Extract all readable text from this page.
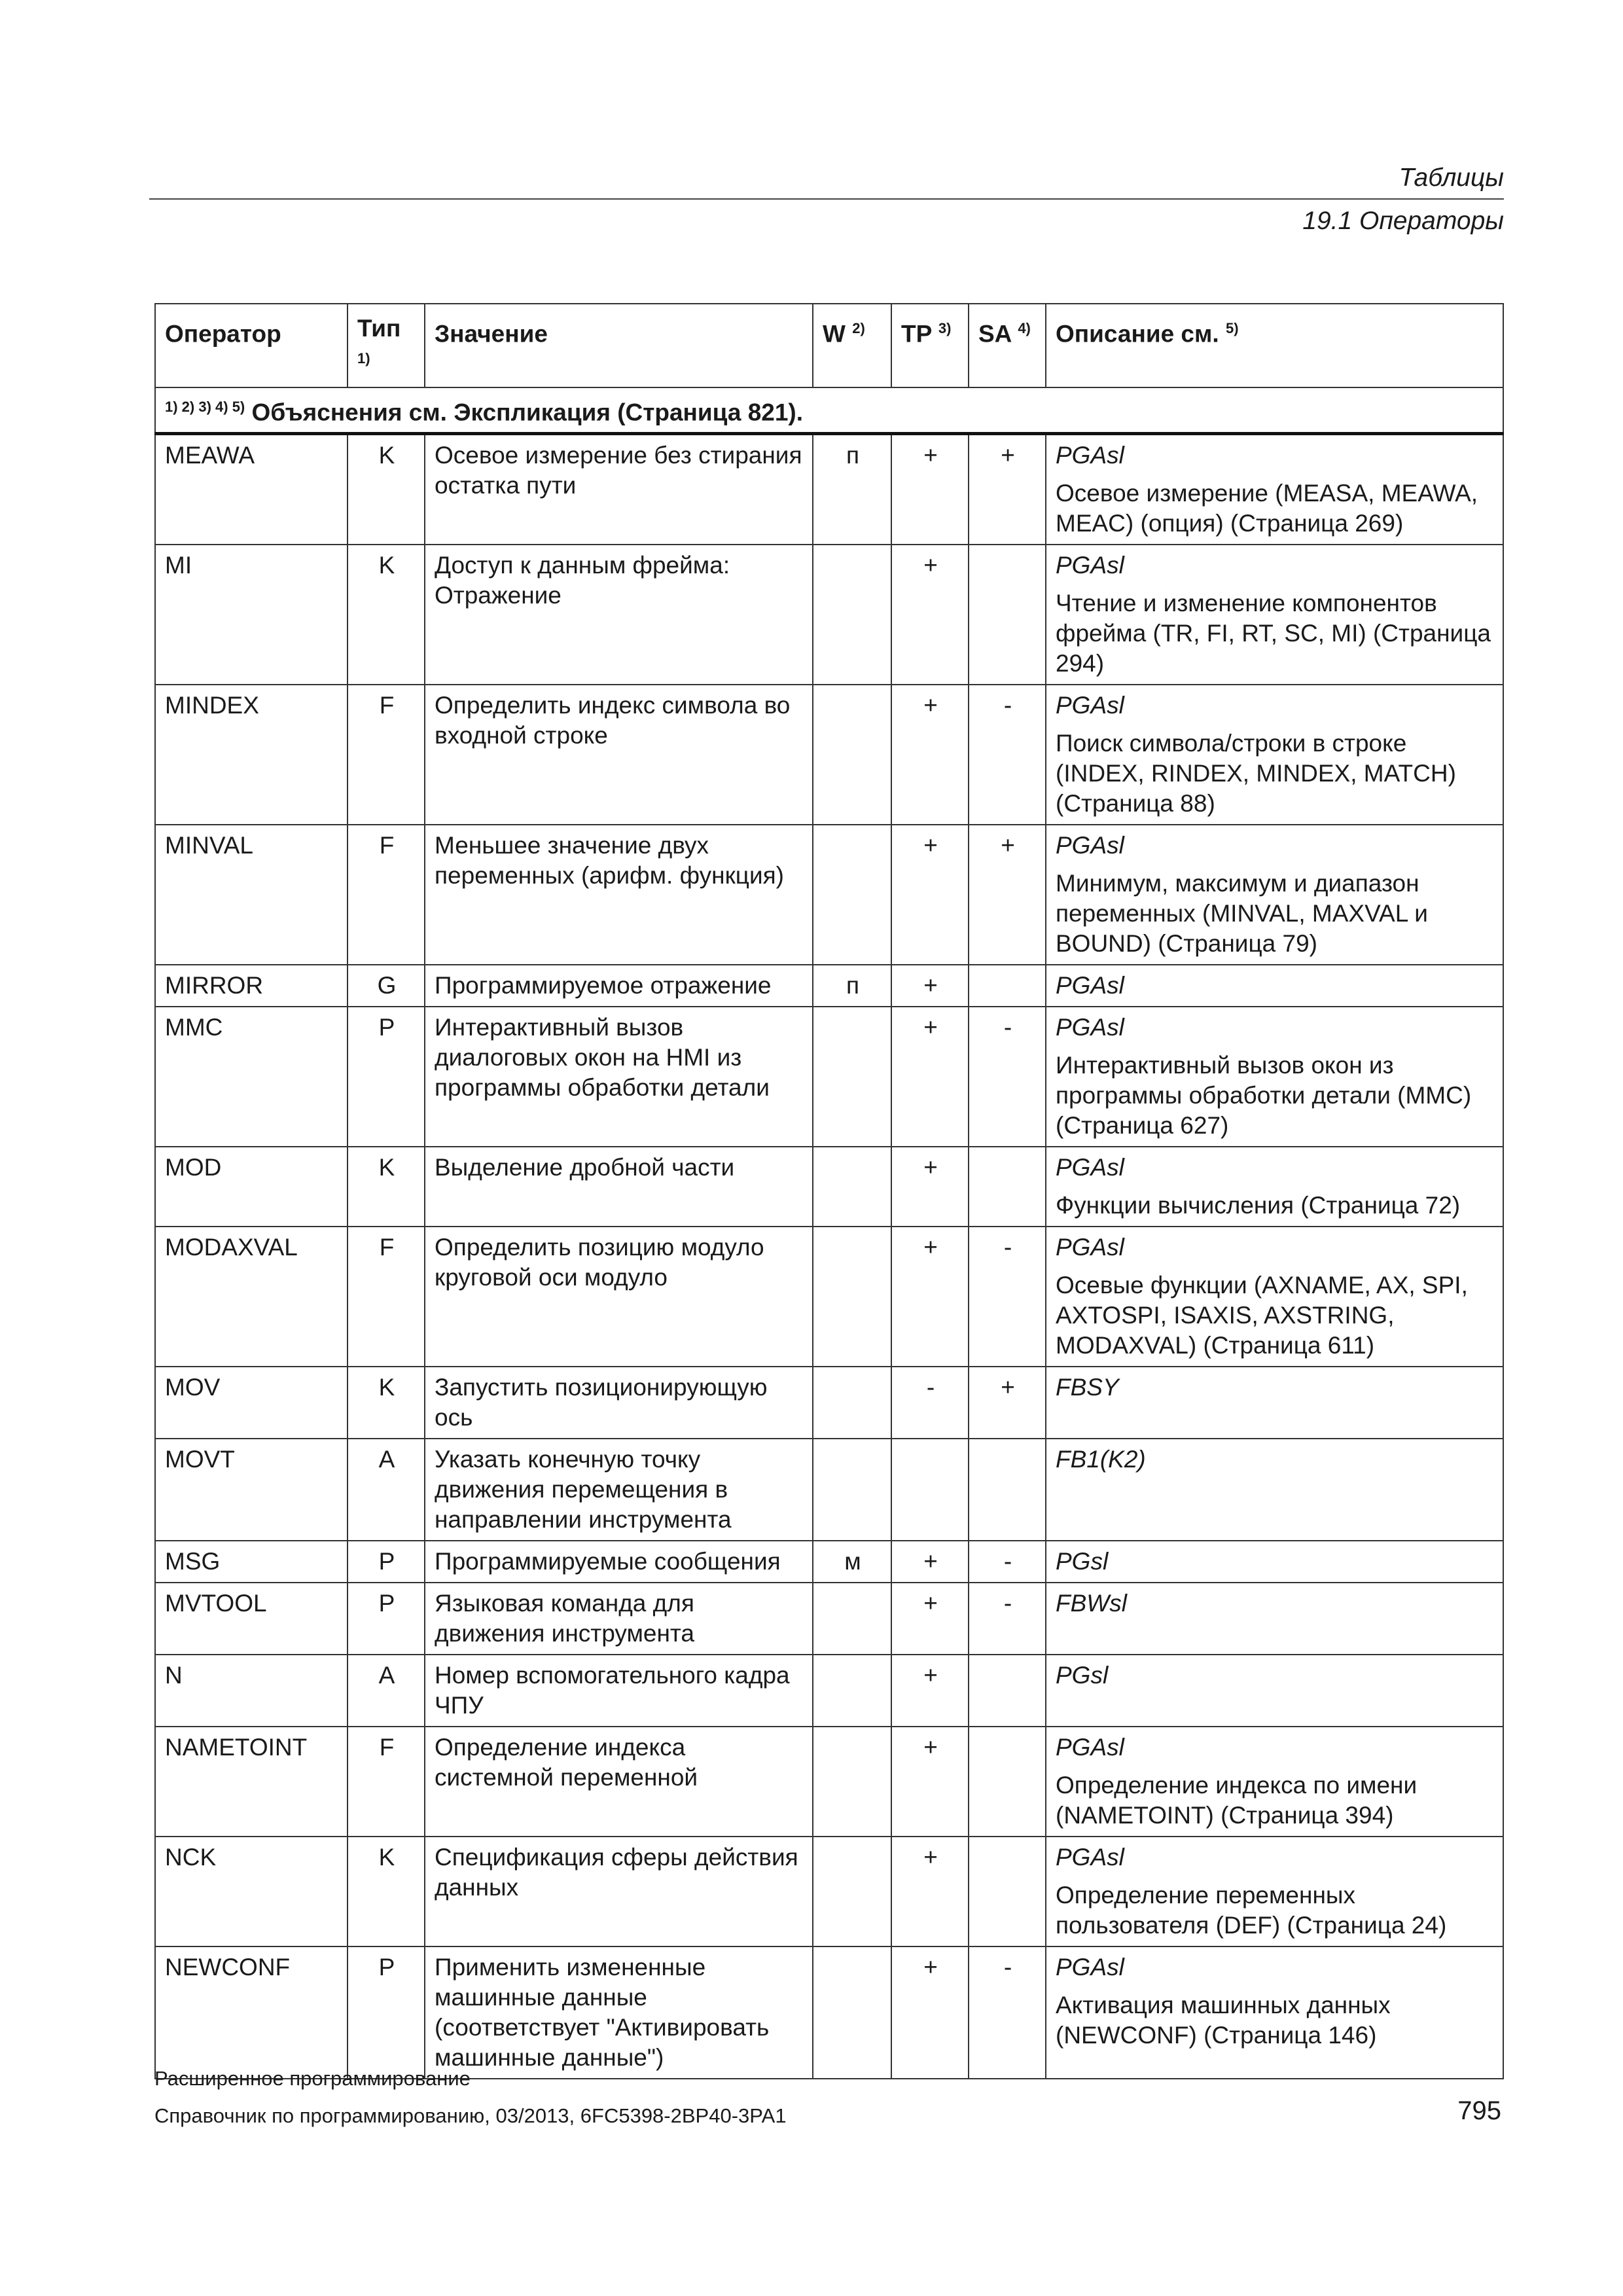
Таблицы
19.1 Операторы
Оператор	Тип $^{1)}$	Значение	W $^{2)}$	TP $^{3)}$	SA $^{4)}$	Описание см. $^{5)}$
$^{1) 2) 3) 4) 5)}$ Объяснения см. Экспликация (Страница 821).						
MEAWA	K	Осевое измерение без стирания остатка пути	п	+	+	PGAsl
Осевое измерение (MEASA, MEAWA, MEAC) (опция) (Страница 269)

MI	K	Доступ к данным фрейма: Отражение		+		PGAsl
Чтение и изменение компонентов фрейма (TR, FI, RT, SC, MI) (Страница 294)

MINDEX	F	Определить индекс символа во входной строке		+	-	PGAsl
Поиск символа/строки в строке (INDEX, RINDEX, MINDEX, MATCH) (Страница 88)

MINVAL	F	Меньшее значение двух переменных (арифм. функция)		+	+	PGAsl
Минимум, максимум и диапазон переменных (MINVAL, MAXVAL и BOUND) (Страница 79)

MIRROR	G	Программируемое отражение	п	+		PGAsl

MMC	P	Интерактивный вызов диалоговых окон на HMI из программы обработки детали		+	-	PGAsl
Интерактивный вызов окон из программы обработки детали (MMC) (Страница 627)

MOD	K	Выделение дробной части		+		PGAsl
Функции вычисления (Страница 72)

MODAXVAL	F	Определить позицию модуло круговой оси модуло		+	-	PGAsl
Осевые функции (AXNAME, AX, SPI, AXTOSPI, ISAXIS, AXSTRING, MODAXVAL) (Страница 611)

MOV	K	Запустить позиционирующую ось		-	+	FBSY

MOVT	A	Указать конечную точку движения перемещения в направлении инструмента				FB1(K2)

MSG	P	Программируемые сообщения	м	+	-	PGsl

MVTOOL	P	Языковая команда для движения инструмента		+	-	FBWsl

N	A	Номер вспомогательного кадра ЧПУ		+		PGsl

NAMETOINT	F	Определение индекса системной переменной		+		PGAsl
Определение индекса по имени (NAMETOINT) (Страница 394)

NCK	K	Спецификация сферы действия данных		+		PGAsl
Определение переменных пользователя (DEF) (Страница 24)

NEWCONF	P	Применить измененные машинные данные (соответствует "Активировать машинные данные")		+	-	PGAsl
Активация машинных данных (NEWCONF) (Страница 146)
Расширенное программирование
Справочник по программированию, 03/2013, 6FC5398-2BP40-3PA1	795
